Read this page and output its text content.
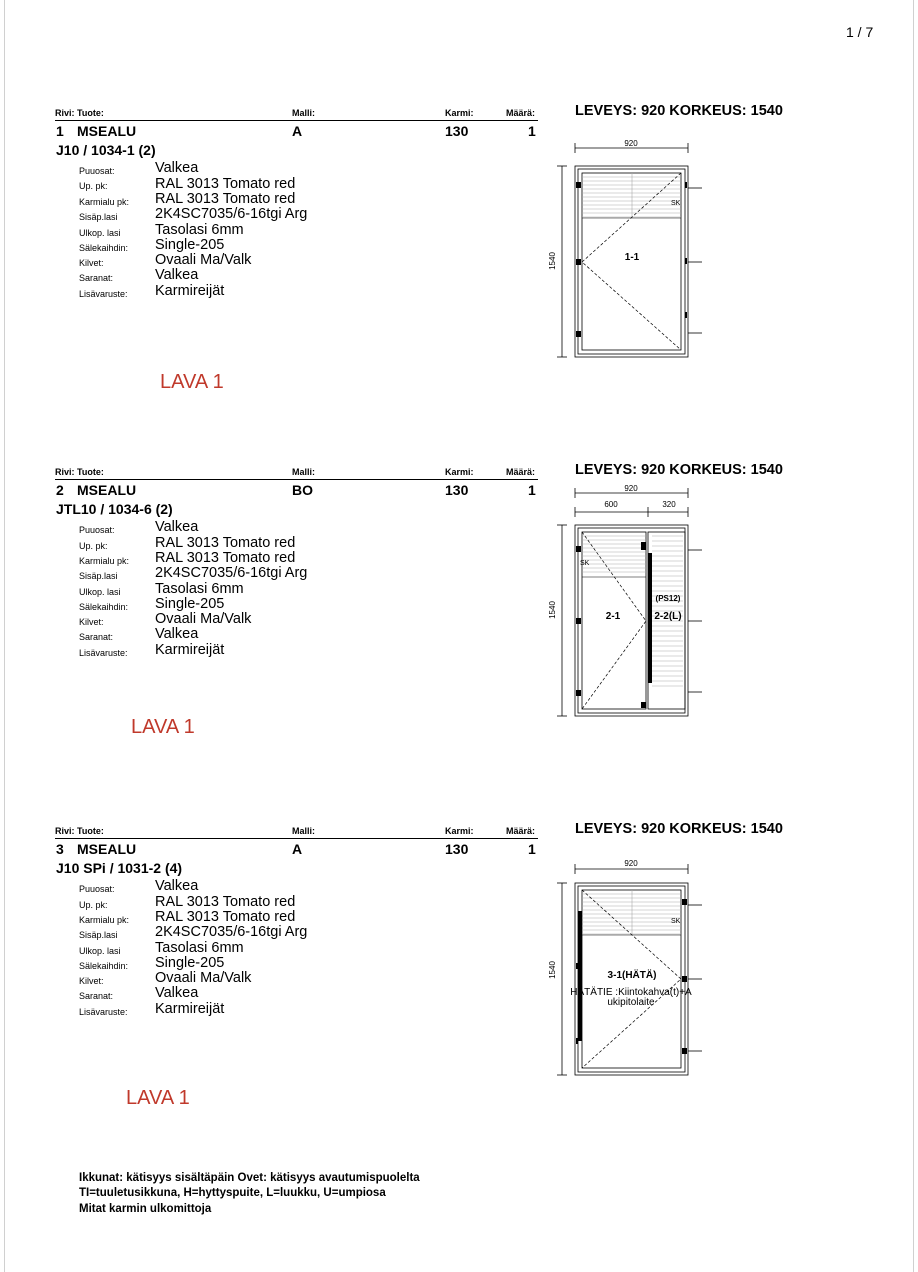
1 / 7
Rivi: Tuote:	Malli:	Karmi:	Määrä:
1 MSEALU	A	130	1
J10 / 1034-1 (2)
Puuosat:	Valkea
Up. pk:	RAL 3013 Tomato red
Karmialu pk: RAL 3013 Tomato red
Sisäp.lasi	2K4SC7035/6-16tgi Arg
Ulkop. lasi Tasolasi 6mm
Sälekaihdin: Single-205
Kilvet:	Ovaali Ma/Valk
Saranat:	Valkea
Lisävaruste: Karmireijät
LAVA 1
LEVEYS: 920 KORKEUS: 1540
920
1540	1-1
SK
Rivi: Tuote:	Malli:	Karmi:	Määrä:
2 MSEALU	BO	130	1
JTL10 / 1034-6 (2)
Puuosat:	Valkea
Up. pk:	RAL 3013 Tomato red
Karmialu pk: RAL 3013 Tomato red
Sisäp.lasi	2K4SC7035/6-16tgi Arg
Ulkop. lasi Tasolasi 6mm
Sälekaihdin: Single-205
Kilvet:	Ovaali Ma/Valk
Saranat:	Valkea
Lisävaruste: Karmireijät
LAVA 1
LEVEYS: 920 KORKEUS: 1540
920
600	320
1540	2-1	2-2(L)
(PS12)
SK
Rivi: Tuote:	Malli:	Karmi:	Määrä:
3 MSEALU	A	130	1
J10 SPi / 1031-2 (4)
Puuosat:	Valkea
Up. pk:	RAL 3013 Tomato red
Karmialu pk: RAL 3013 Tomato red
Sisäp.lasi	2K4SC7035/6-16tgi Arg
Ulkop. lasi Tasolasi 6mm
Sälekaihdin: Single-205
Kilvet:	Ovaali Ma/Valk
Saranat:	Valkea
Lisävaruste: Karmireijät
LAVA 1
LEVEYS: 920 KORKEUS: 1540
920
1540	3-1(HÄTÄ)
HÄTÄTIE :Kiintokahva(t)+A
ukipitolaite
SK
Ikkunat: kätisyys sisältäpäin Ovet: kätisyys avautumispuolelta
TI=tuuletusikkuna, H=hyttyspuite, L=luukku, U=umpiosa
Mitat karmin ulkomittoja
